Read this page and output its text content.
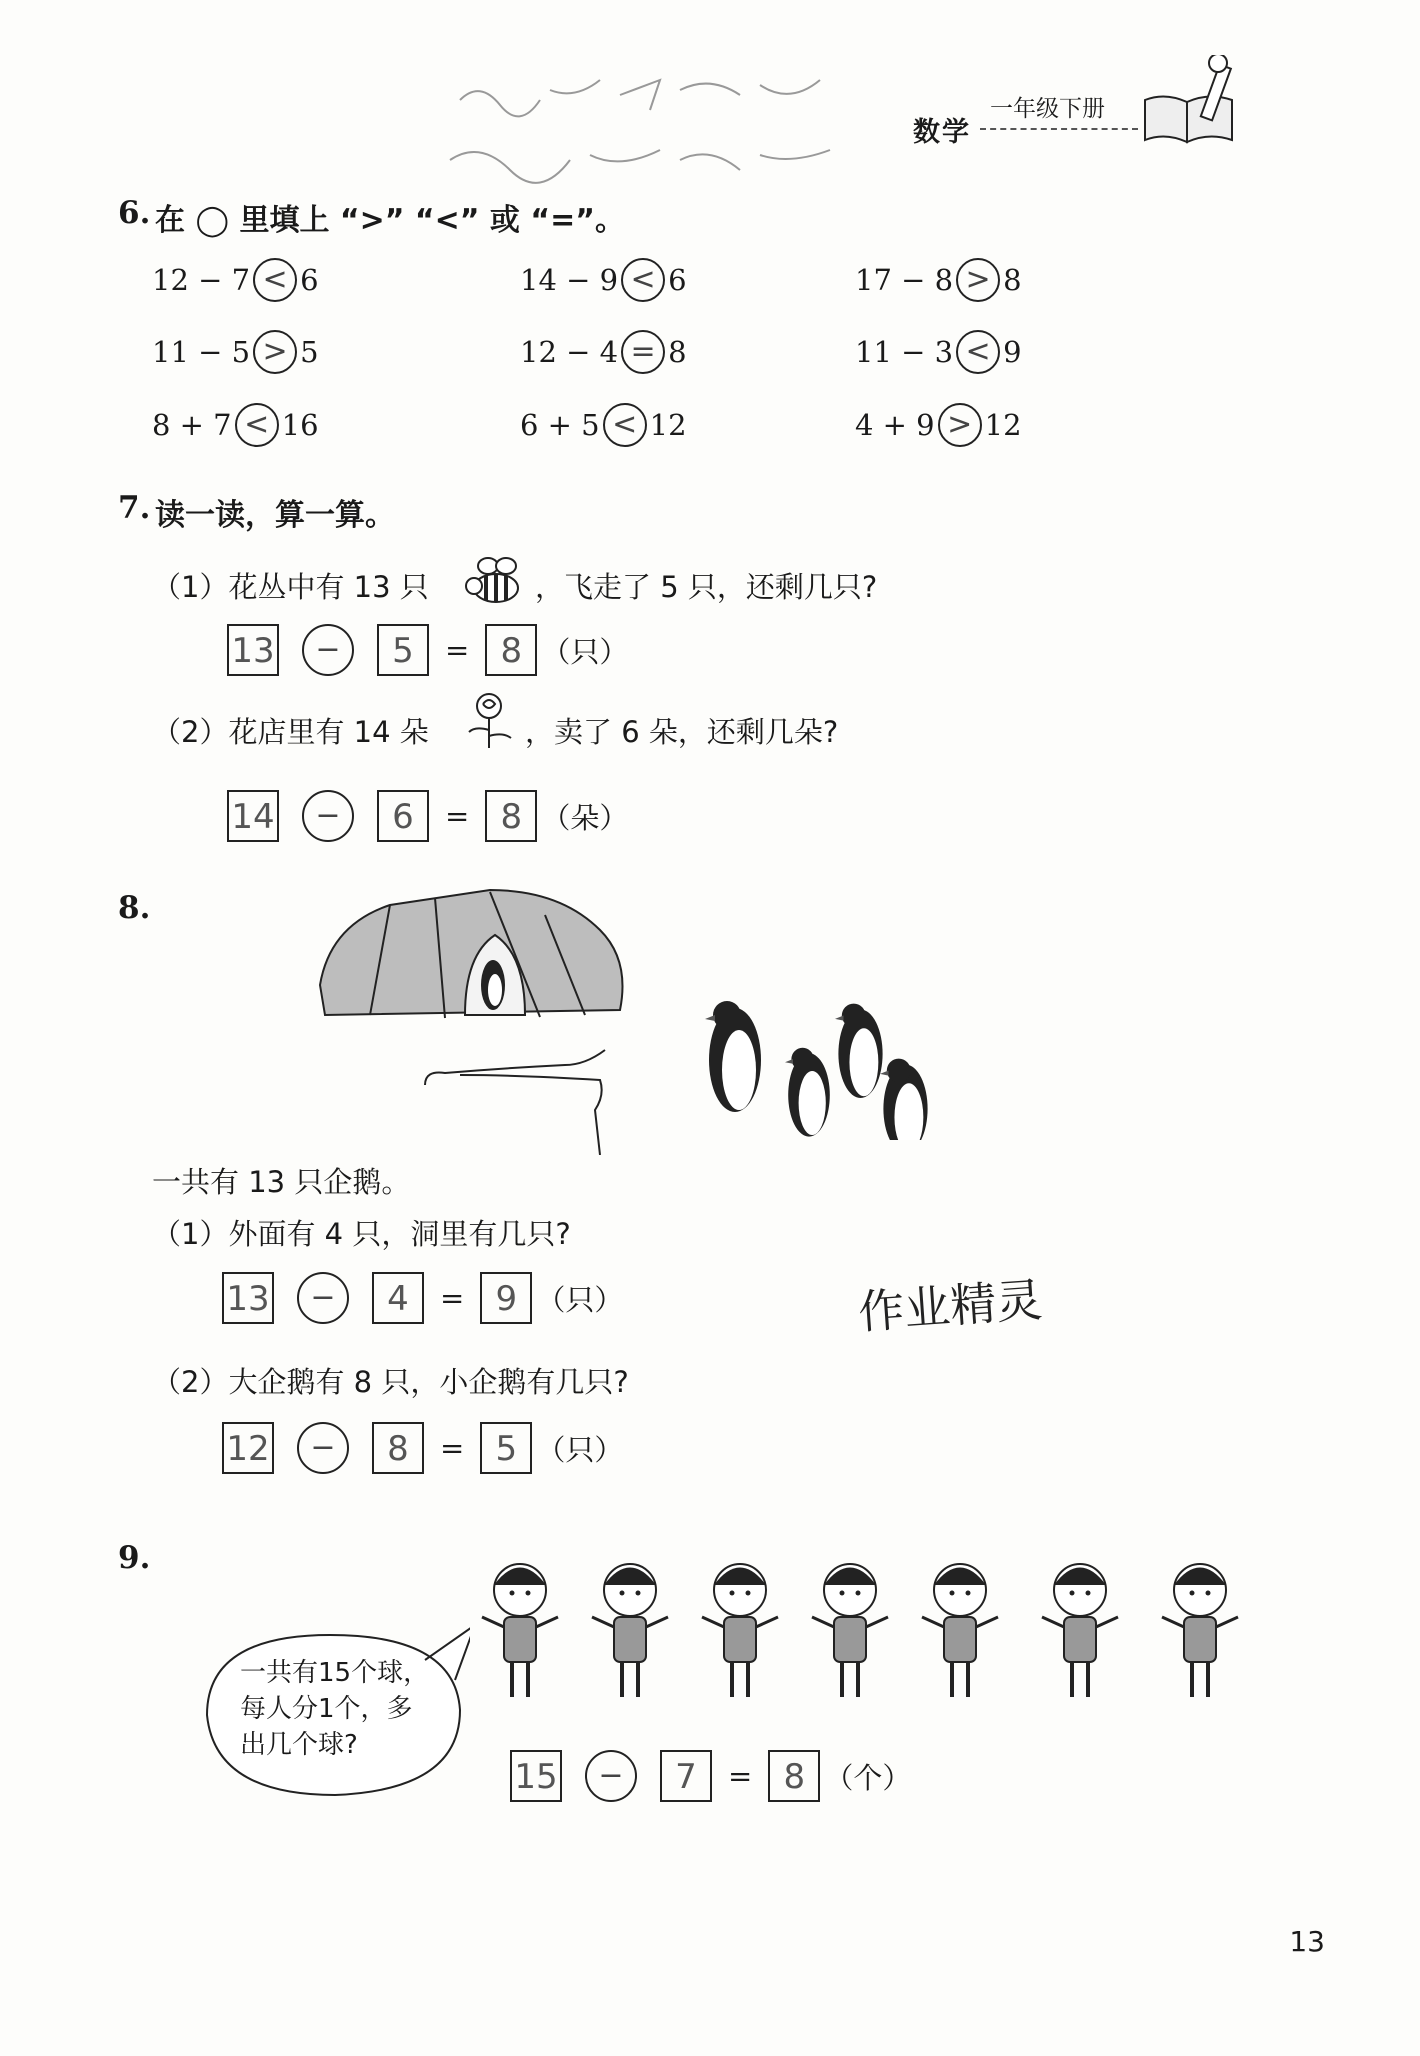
一年级下册
数学
6. 在 ◯ 里填上 “>” “<” 或 “=”。
12 − 7 < 6	14 − 9 < 6	17 − 8 > 8
11 − 5 > 5	12 − 4 = 8	11 − 3 < 9
8 + 7 < 16	6 + 5 < 12	4 + 9 > 12
7. 读一读，算一算。
（1）花丛中有 13 只	，飞走了 5 只，还剩几只?
13	−	5	= 8 （只）
（2）花店里有 14 朵	，卖了 6 朵，还剩几朵?
14	−	6	= 8 （朵）
8.
一共有 13 只企鹅。
（1）外面有 4 只，洞里有几只?
13	−	4	= 9 （只）	作业精灵
（2）大企鹅有 8 只，小企鹅有几只?
12	−	8	= 5 （只）
9.
一共有15个球，
每人分1个，多
出几个球?
15	−	7	= 8 （个）
13
